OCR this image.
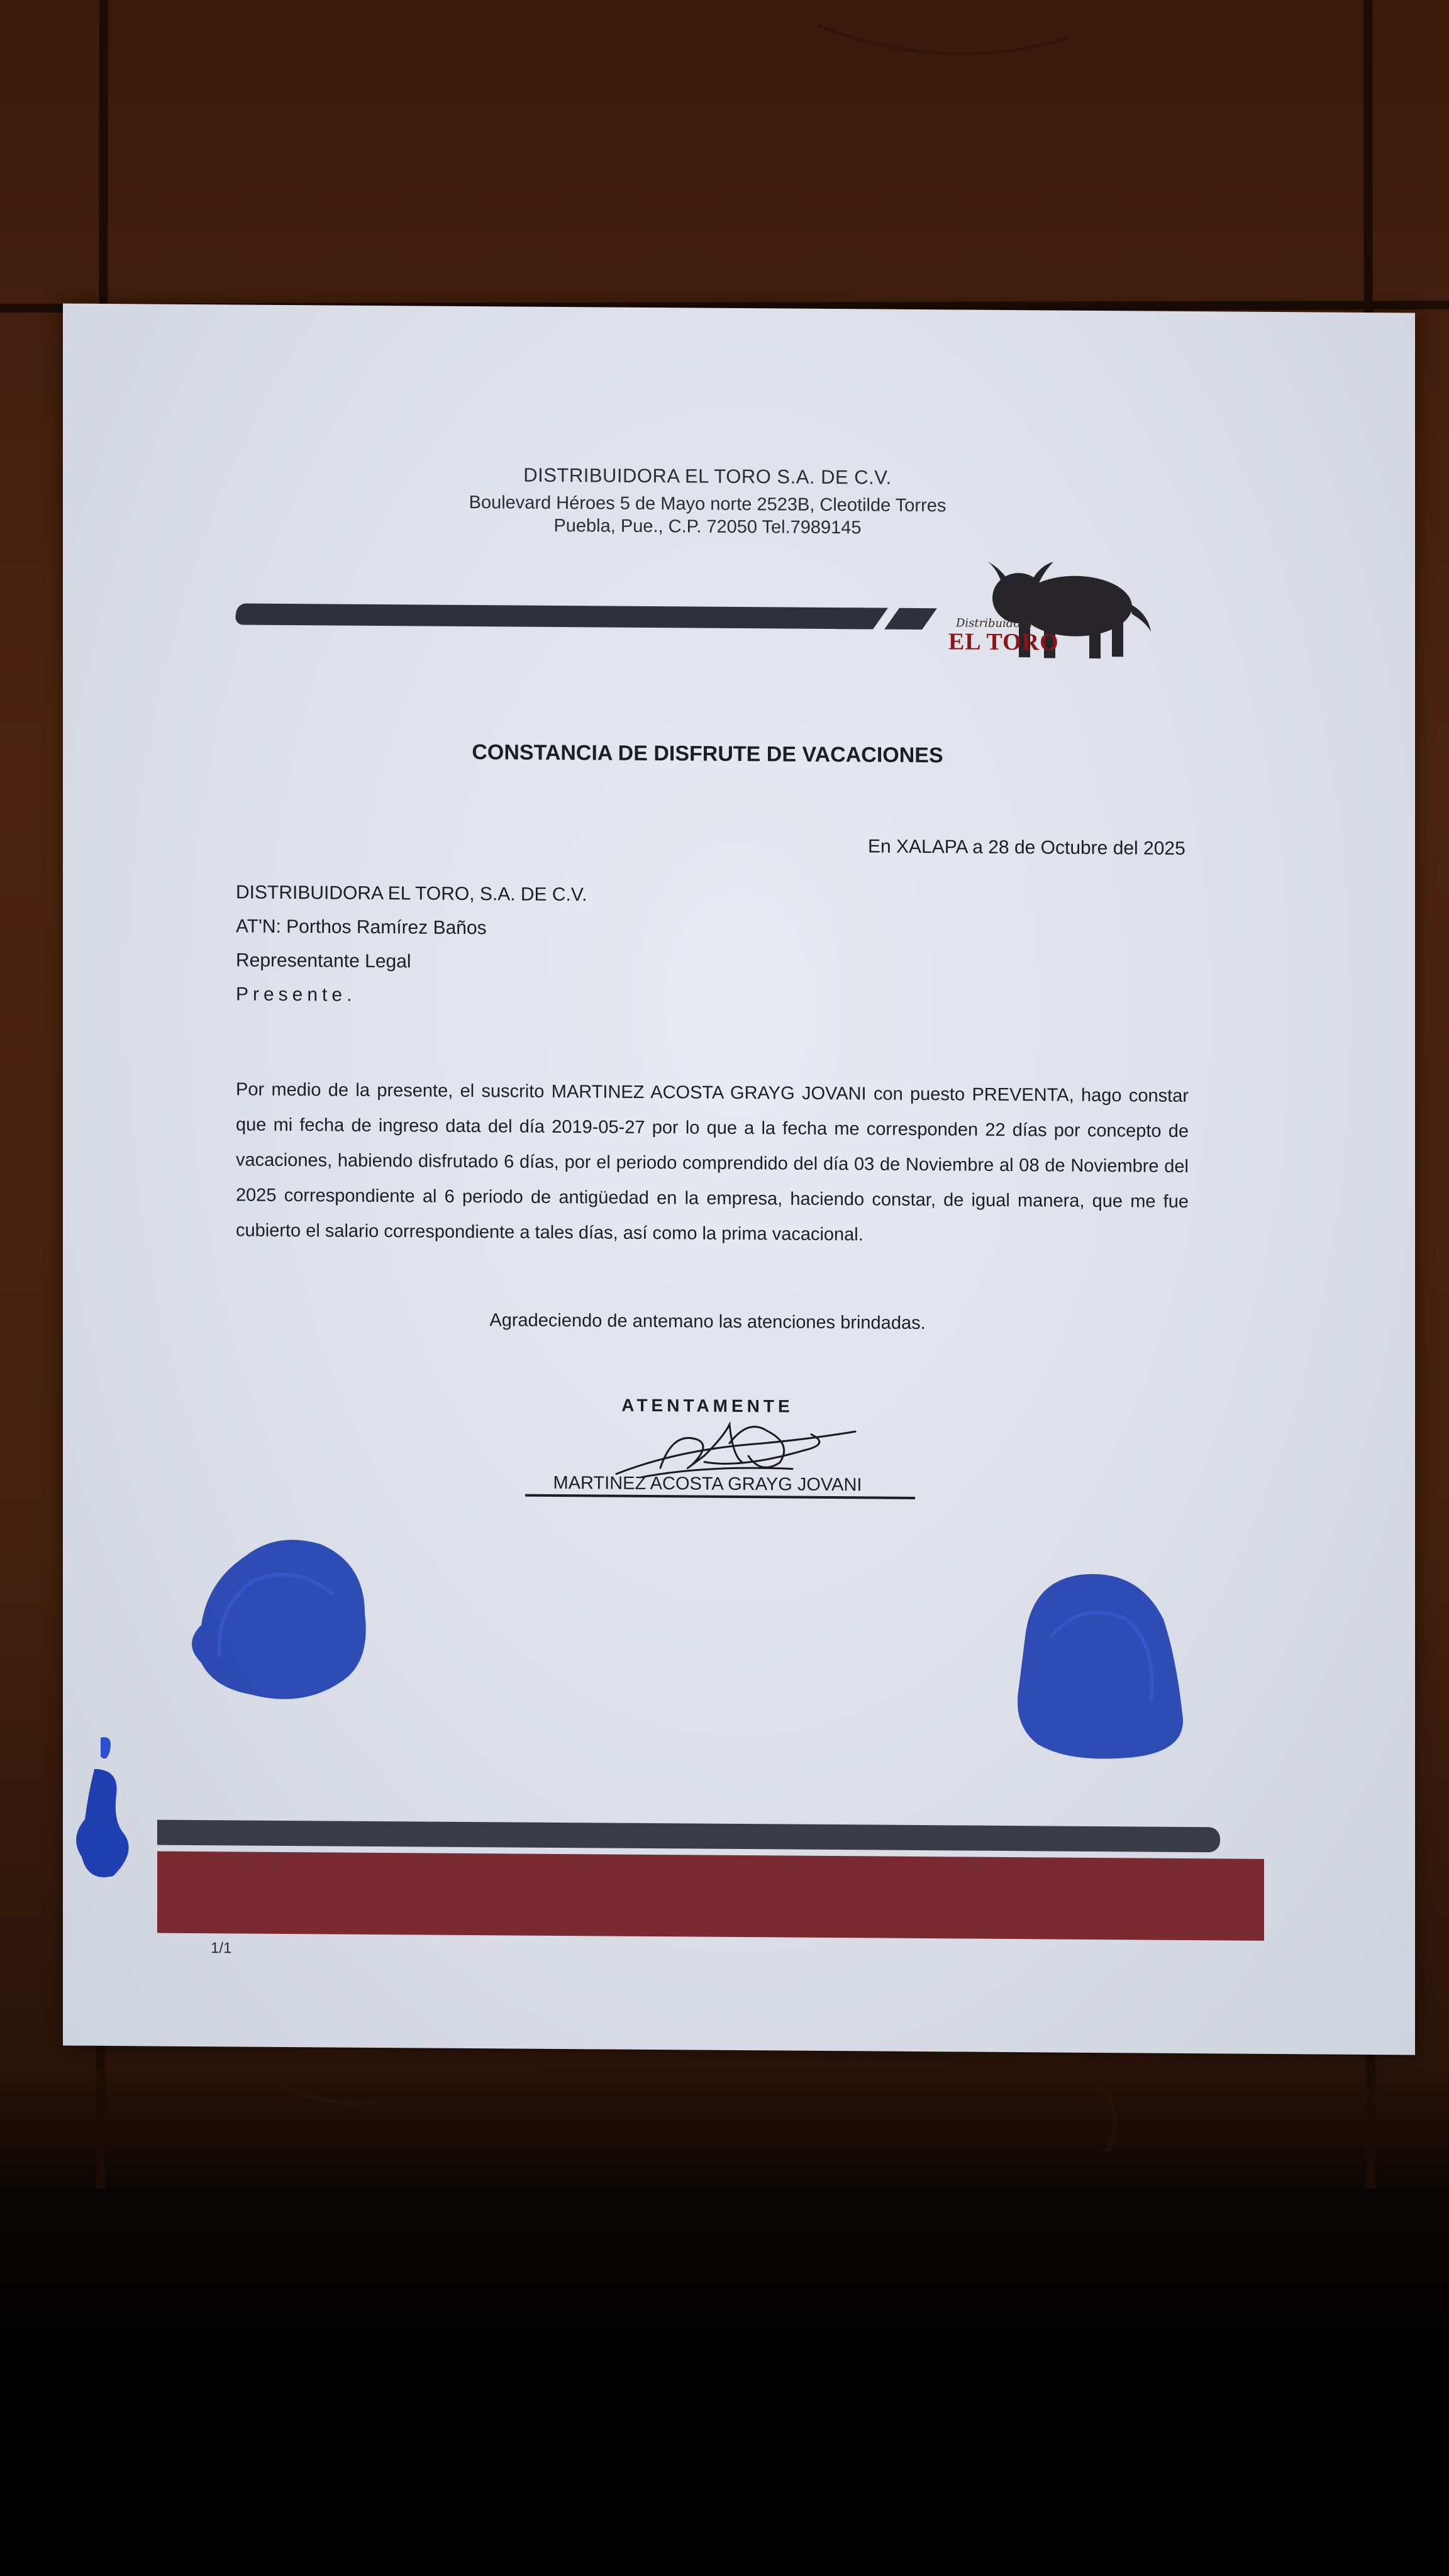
DISTRIBUIDORA EL TORO S.A. DE C.V.
Boulevard Héroes 5 de Mayo norte 2523B, Cleotilde Torres
Puebla, Pue., C.P. 72050 Tel.7989145
Distribuidora
EL TORO
CONSTANCIA DE DISFRUTE DE VACACIONES
En XALAPA a 28 de Octubre del 2025
DISTRIBUIDORA EL TORO, S.A. DE C.V.
AT'N: Porthos Ramírez Baños
Representante Legal
Presente.
Por medio de la presente, el suscrito MARTINEZ ACOSTA GRAYG JOVANI con puesto PREVENTA, hago constar que mi fecha de ingreso data del día 2019-05-27 por lo que a la fecha me corresponden 22 días por concepto de vacaciones, habiendo disfrutado 6 días, por el periodo comprendido del día 03 de Noviembre al 08 de Noviembre del 2025 correspondiente al 6 periodo de antigüedad en la empresa, haciendo constar, de igual manera, que me fue cubierto el salario correspondiente a tales días, así como la prima vacacional.
Agradeciendo de antemano las atenciones brindadas.
ATENTAMENTE
MARTINEZ ACOSTA GRAYG JOVANI
1/1
